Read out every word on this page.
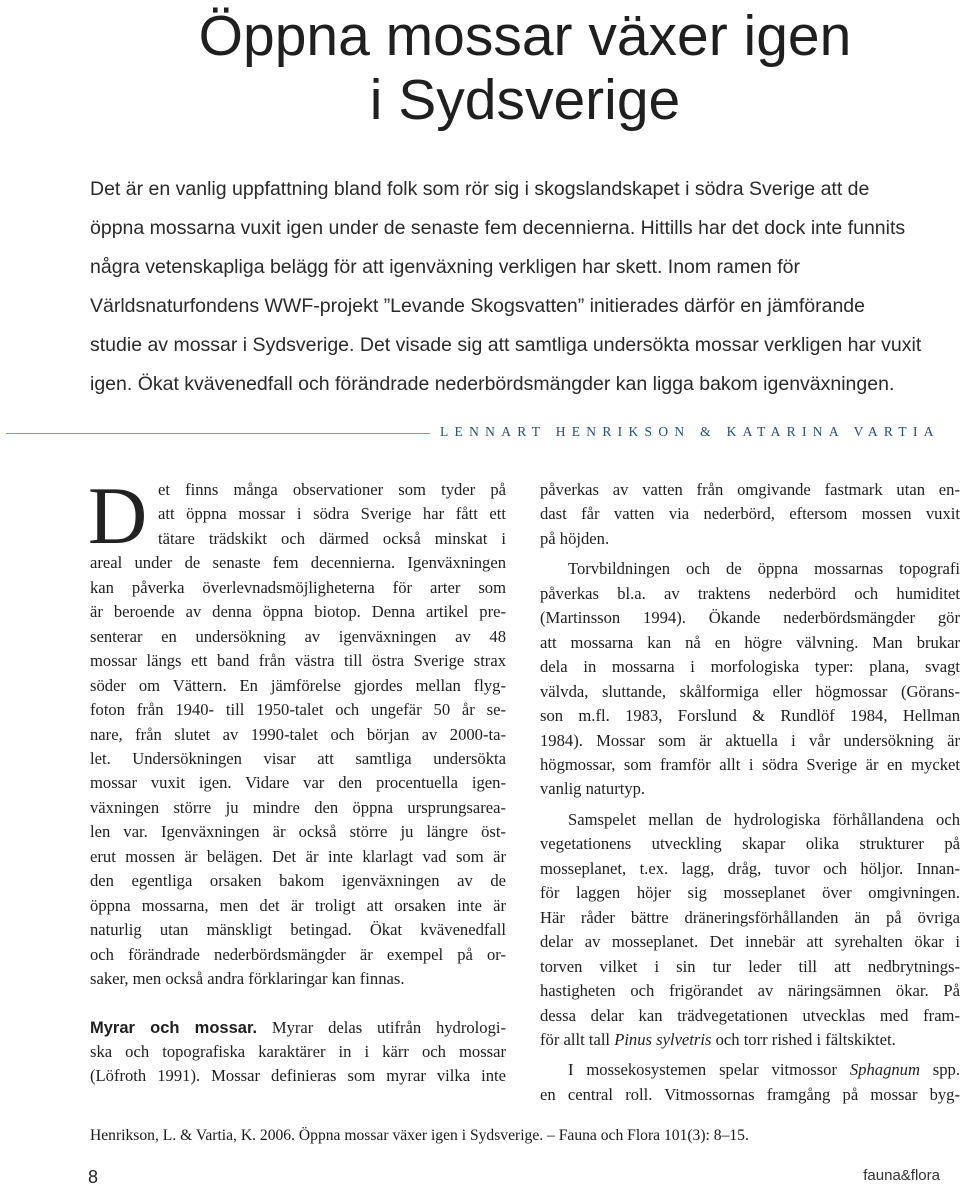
Öppna mossar växer igen
i Sydsverige
Det är en vanlig uppfattning bland folk som rör sig i skogslandskapet i södra Sverige att de
öppna mossarna vuxit igen under de senaste fem decennierna. Hittills har det dock inte funnits
några vetenskapliga belägg för att igenväxning verkligen har skett. Inom ramen för
Världsnaturfondens WWF-projekt ”Levande Skogsvatten” initierades därför en jämförande
studie av mossar i Sydsverige. Det visade sig att samtliga undersökta mossar verkligen har vuxit
igen. Ökat kvävenedfall och förändrade nederbördsmängder kan ligga bakom igenväxningen.
LENNART HENRIKSON & KATARINA VARTIA
D et finns många observationer som tyder på
att öppna mossar i södra Sverige har fått ett
tätare trädskikt och därmed också minskat i
areal under de senaste fem decennierna. Igenväxningen
kan påverka överlevnadsmöjligheterna för arter som
är beroende av denna öppna biotop. Denna artikel pre-
senterar en undersökning av igenväxningen av 48
mossar längs ett band från västra till östra Sverige strax
söder om Vättern. En jämförelse gjordes mellan flyg-
foton från 1940- till 1950-talet och ungefär 50 år se-
nare, från slutet av 1990-talet och början av 2000-ta-
let. Undersökningen visar att samtliga undersökta
mossar vuxit igen. Vidare var den procentuella igen-
växningen större ju mindre den öppna ursprungsarea-
len var. Igenväxningen är också större ju längre öst-
erut mossen är belägen. Det är inte klarlagt vad som är
den egentliga orsaken bakom igenväxningen av de
öppna mossarna, men det är troligt att orsaken inte är
naturlig utan mänskligt betingad. Ökat kvävenedfall
och förändrade nederbördsmängder är exempel på or-
saker, men också andra förklaringar kan finnas.
Myrar och mossar. Myrar delas utifrån hydrologi-
ska och topografiska karaktärer in i kärr och mossar
(Löfroth 1991). Mossar definieras som myrar vilka inte
påverkas av vatten från omgivande fastmark utan en-
dast får vatten via nederbörd, eftersom mossen vuxit
på höjden.
Torvbildningen och de öppna mossarnas topografi
påverkas bl.a. av traktens nederbörd och humiditet
(Martinsson 1994). Ökande nederbördsmängder gör
att mossarna kan nå en högre välvning. Man brukar
dela in mossarna i morfologiska typer: plana, svagt
välvda, sluttande, skålformiga eller högmossar (Görans-
son m.fl. 1983, Forslund & Rundlöf 1984, Hellman
1984). Mossar som är aktuella i vår undersökning är
högmossar, som framför allt i södra Sverige är en mycket
vanlig naturtyp.
Samspelet mellan de hydrologiska förhållandena och
vegetationens utveckling skapar olika strukturer på
mosseplanet, t.ex. lagg, dråg, tuvor och höljor. Innan-
för laggen höjer sig mosseplanet över omgivningen.
Här råder bättre dräneringsförhållanden än på övriga
delar av mosseplanet. Det innebär att syrehalten ökar i
torven vilket i sin tur leder till att nedbrytnings-
hastigheten och frigörandet av näringsämnen ökar. På
dessa delar kan trädvegetationen utvecklas med fram-
för allt tall Pinus sylvetris och torr rished i fältskiktet.
I mossekosystemen spelar vitmossor Sphagnum spp.
en central roll. Vitmossornas framgång på mossar byg-
Henrikson, L. & Vartia, K. 2006. Öppna mossar växer igen i Sydsverige. – Fauna och Flora 101(3): 8–15.
8	fauna&flora
